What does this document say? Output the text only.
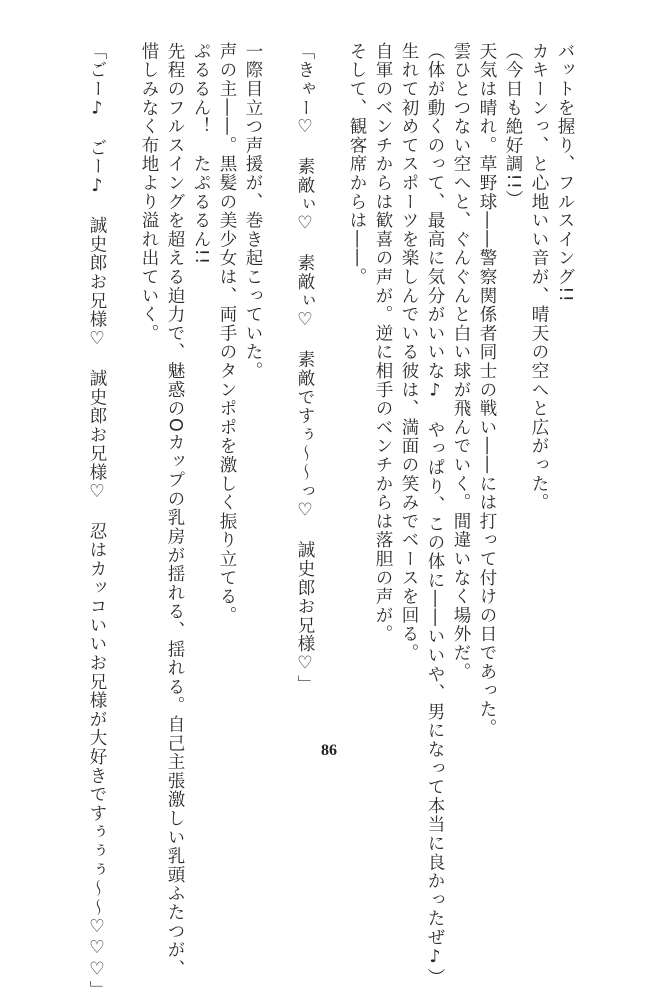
バットを握り、フルスイング!!

カキーンっ、と心地いい音が、晴天の空へと広がった。

（今日も絶好調!!）

天気は晴れ。草野球――警察関係者同士の戦い――には打って付けの日であった。

雲ひとつない空へと、ぐんぐんと白い球が飛んでいく。間違いなく場外だ。

（体が動くのって、最高に気分がいいな♪　やっぱり、この体に――いいや、男になって本当に良かったぜ♪）

生れて初めてスポーツを楽しんでいる彼は、満面の笑みでベースを回る。

自軍のベンチからは歓喜の声が。逆に相手のベンチからは落胆の声が。

そして、観客席からは――。

「きゃー♡　素敵ぃ♡　素敵ぃ♡　素敵ですぅ～～っ♡　誠史郎お兄様♡」

一際目立つ声援が、巻き起こっていた。

声の主――。黒髪の美少女は、両手のタンポポを激しく振り立てる。

ぷるるん！　たぷるるん!!

先程のフルスイングを超える迫力で、魅惑のOカップの乳房が揺れる、揺れる。自己主張激しい乳頭ふたつが、

惜しみなく布地より溢れ出ていく。

「ごー♪　ごー♪　誠史郎お兄様♡　誠史郎お兄様♡　忍はカッコいいお兄様が大好きですぅぅぅ～～♡♡♡」	86
